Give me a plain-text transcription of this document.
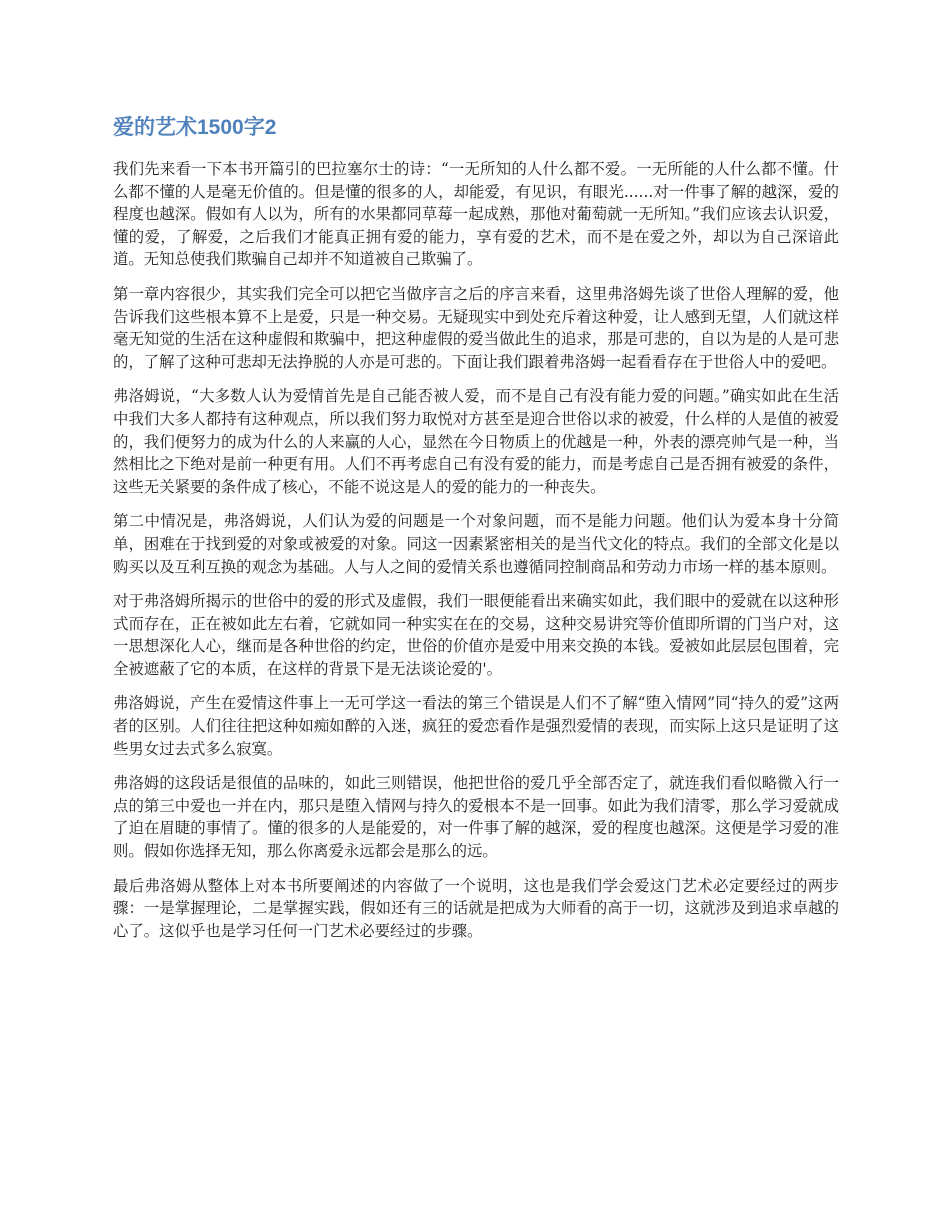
爱的艺术1500字2

我们先来看一下本书开篇引的巴拉塞尔士的诗：“一无所知的人什么都不爱。一无所能的人什么都不懂。什么都不懂的人是毫无价值的。但是懂的很多的人，却能爱，有见识，有眼光......对一件事了解的越深，爱的程度也越深。假如有人以为，所有的水果都同草莓一起成熟，那他对葡萄就一无所知。”我们应该去认识爱，懂的爱，了解爱，之后我们才能真正拥有爱的能力，享有爱的艺术，而不是在爱之外，却以为自己深谙此道。无知总使我们欺骗自己却并不知道被自己欺骗了。

第一章内容很少，其实我们完全可以把它当做序言之后的序言来看，这里弗洛姆先谈了世俗人理解的爱，他告诉我们这些根本算不上是爱，只是一种交易。无疑现实中到处充斥着这种爱，让人感到无望，人们就这样毫无知觉的生活在这种虚假和欺骗中，把这种虚假的爱当做此生的追求，那是可悲的，自以为是的人是可悲的，了解了这种可悲却无法挣脱的人亦是可悲的。下面让我们跟着弗洛姆一起看看存在于世俗人中的爱吧。

弗洛姆说，“大多数人认为爱情首先是自己能否被人爱，而不是自己有没有能力爱的问题。”确实如此在生活中我们大多人都持有这种观点，所以我们努力取悦对方甚至是迎合世俗以求的被爱，什么样的人是值的被爱的，我们便努力的成为什么的人来赢的人心，显然在今日物质上的优越是一种，外表的漂亮帅气是一种，当然相比之下绝对是前一种更有用。人们不再考虑自己有没有爱的能力，而是考虑自己是否拥有被爱的条件，这些无关紧要的条件成了核心，不能不说这是人的爱的能力的一种丧失。

第二中情况是，弗洛姆说，人们认为爱的问题是一个对象问题，而不是能力问题。他们认为爱本身十分简单，困难在于找到爱的对象或被爱的对象。同这一因素紧密相关的是当代文化的特点。我们的全部文化是以购买以及互利互换的观念为基础。人与人之间的爱情关系也遵循同控制商品和劳动力市场一样的基本原则。

对于弗洛姆所揭示的世俗中的爱的形式及虚假，我们一眼便能看出来确实如此，我们眼中的爱就在以这种形式而存在，正在被如此左右着，它就如同一种实实在在的交易，这种交易讲究等价值即所谓的门当户对，这一思想深化人心，继而是各种世俗的约定，世俗的价值亦是爱中用来交换的本钱。爱被如此层层包围着，完全被遮蔽了它的本质，在这样的背景下是无法谈论爱的'。

弗洛姆说，产生在爱情这件事上一无可学这一看法的第三个错误是人们不了解“堕入情网”同“持久的爱”这两者的区别。人们往往把这种如痴如醉的入迷，疯狂的爱恋看作是强烈爱情的表现，而实际上这只是证明了这些男女过去式多么寂寞。

弗洛姆的这段话是很值的品味的，如此三则错误，他把世俗的爱几乎全部否定了，就连我们看似略微入行一点的第三中爱也一并在内，那只是堕入情网与持久的爱根本不是一回事。如此为我们清零，那么学习爱就成了迫在眉睫的事情了。懂的很多的人是能爱的，对一件事了解的越深，爱的程度也越深。这便是学习爱的准则。假如你选择无知，那么你离爱永远都会是那么的远。

最后弗洛姆从整体上对本书所要阐述的内容做了一个说明，这也是我们学会爱这门艺术必定要经过的两步骤：一是掌握理论，二是掌握实践，假如还有三的话就是把成为大师看的高于一切，这就涉及到追求卓越的心了。这似乎也是学习任何一门艺术必要经过的步骤。
